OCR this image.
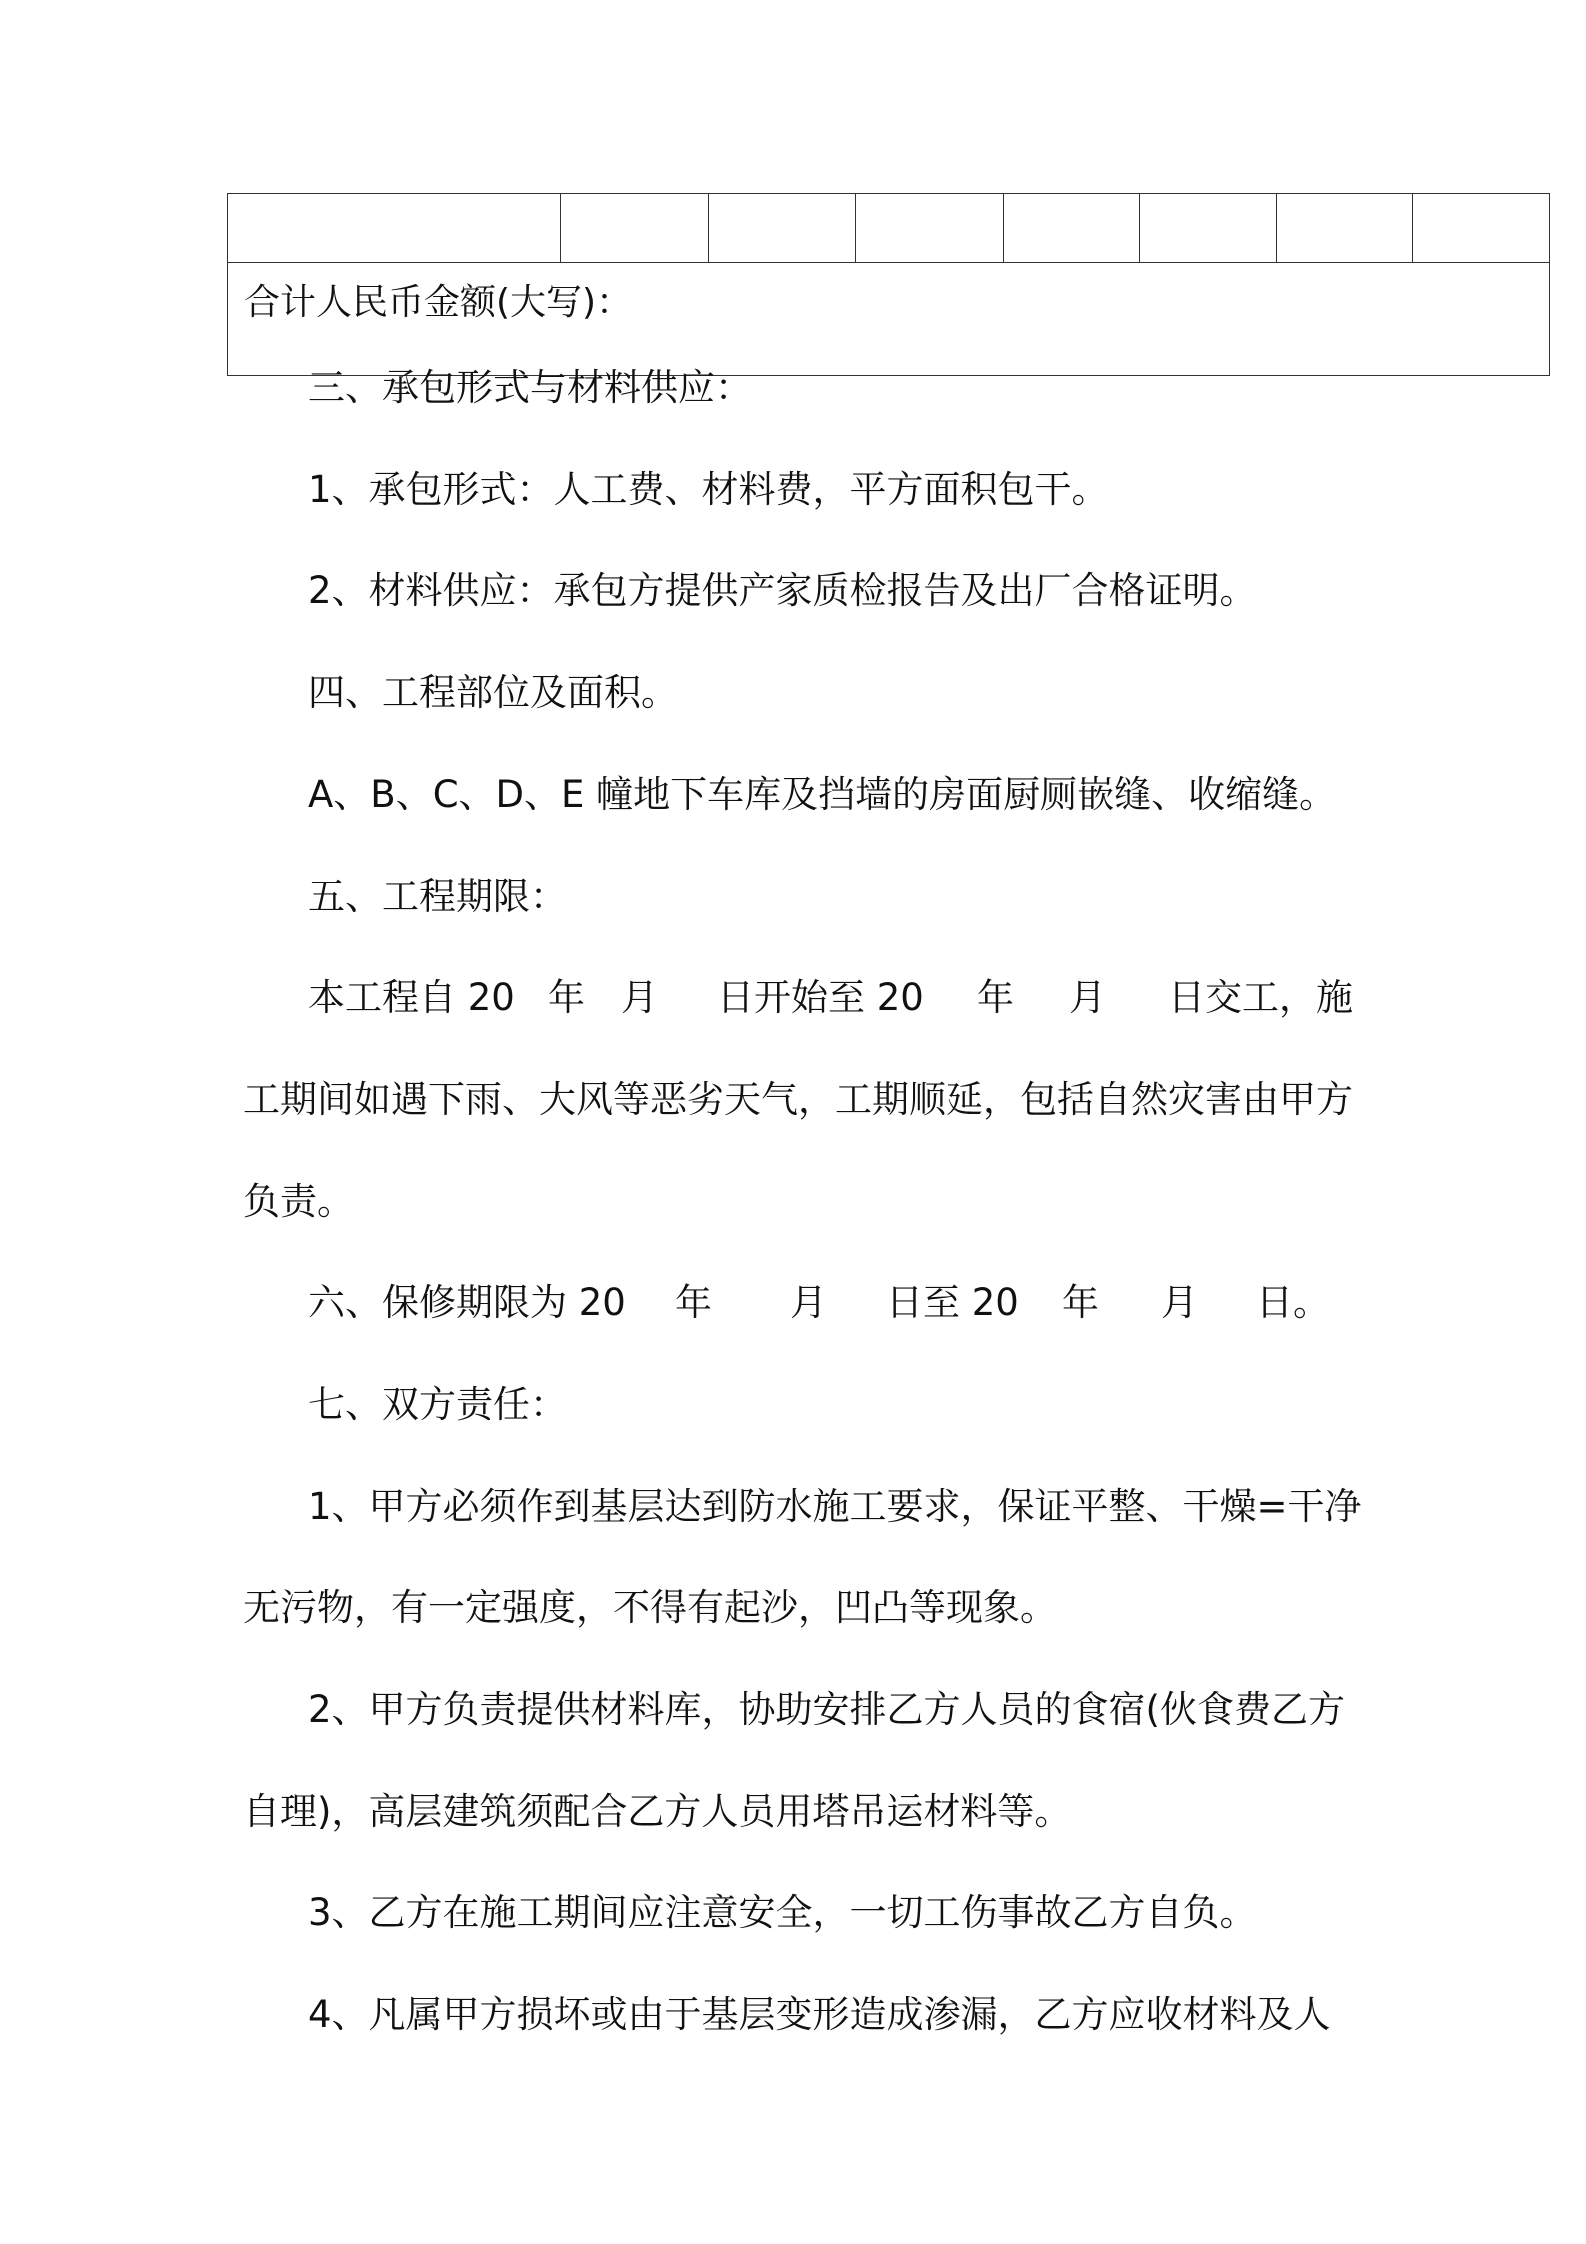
合计人民币金额(大写)：

三、承包形式与材料供应：

1、承包形式：人工费、材料费，平方面积包干。

2、材料供应：承包方提供产家质检报告及出厂合格证明。

四、工程部位及面积。

A、B、C、D、E 幢地下车库及挡墙的房面厨厕嵌缝、收缩缝。

五、工程期限：

本工程自 20 年 月 日开始至 20 年 月 日交工，施

工期间如遇下雨、大风等恶劣天气，工期顺延，包括自然灾害由甲方

负责。

六、保修期限为 20 年 月 日至 20 年 月 日。

七、双方责任：

1、甲方必须作到基层达到防水施工要求，保证平整、干燥=干净

无污物，有一定强度，不得有起沙，凹凸等现象。

2、甲方负责提供材料库，协助安排乙方人员的食宿(伙食费乙方

自理)，高层建筑须配合乙方人员用塔吊运材料等。

3、乙方在施工期间应注意安全，一切工伤事故乙方自负。

4、凡属甲方损坏或由于基层变形造成渗漏，乙方应收材料及人
